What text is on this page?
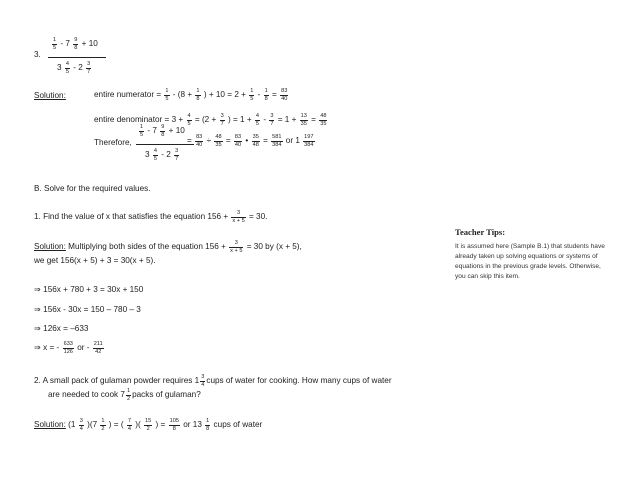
3.
$\frac{1}{5} - 7 \frac{9}{8} + 10$
$3 \frac{4}{5} - 2 \frac{3}{7}$
Solution:	entire numerator = $\frac{1}{5} - (8 + \frac{1}{8}$ ) + $10 = 2 + \frac{1}{5} - \frac{1}{8} = \frac{83}{40}$
entire denominator = $3 + \frac{4}{5} = (2 + \frac{3}{7}$ ) = $1 + \frac{4}{5} - \frac{3}{7} = 1 + \frac{13}{35} = \frac{48}{35}$
Therefore,
$\frac{1}{5} - 7 \frac{9}{8} + 10$
$3 \frac{4}{5} - 2 \frac{3}{7}$
= $\frac{83}{40} \div \frac{48}{35} = \frac{83}{40}$ • $\frac{35}{48} = \frac{581}{384}$ or $1 \frac{197}{384}$
B. Solve for the required values.
1. Find the value of x that satisfies the equation $156 + \frac{3}{x + 5} = 30$.
Solution: Multiplying both sides of the equation $156 + \frac{3}{x + 5} = 30$ by (x + 5),
we get 156(x + 5) + 3 = 30(x + 5).
⇒ 156x + 780 + 3 = 30x + 150
⇒ 156x - 30x = 150 – 780 – 3
⇒ 126x = –633
⇒ x = - $\frac{633}{126}$ or - $\frac{211}{42}$
2. A small pack of gulaman powder requires $1 \frac{3}{4}$ cups of water for cooking. How many cups of water
are needed to cook $7 \frac{1}{2}$ packs of gulaman?
Solution: $(1 \frac{3}{4} )(7 \frac{1}{2}$ ) = ( $\frac{7}{4}$ )( $\frac{15}{2}$ ) = $\frac{105}{8}$ or $13 \frac{1}{8}$ cups of water
Teacher Tips:
It is assumed here (Sample B.1) that students have already taken up solving equations or systems of equations in the previous grade levels. Otherwise, you can skip this item.
